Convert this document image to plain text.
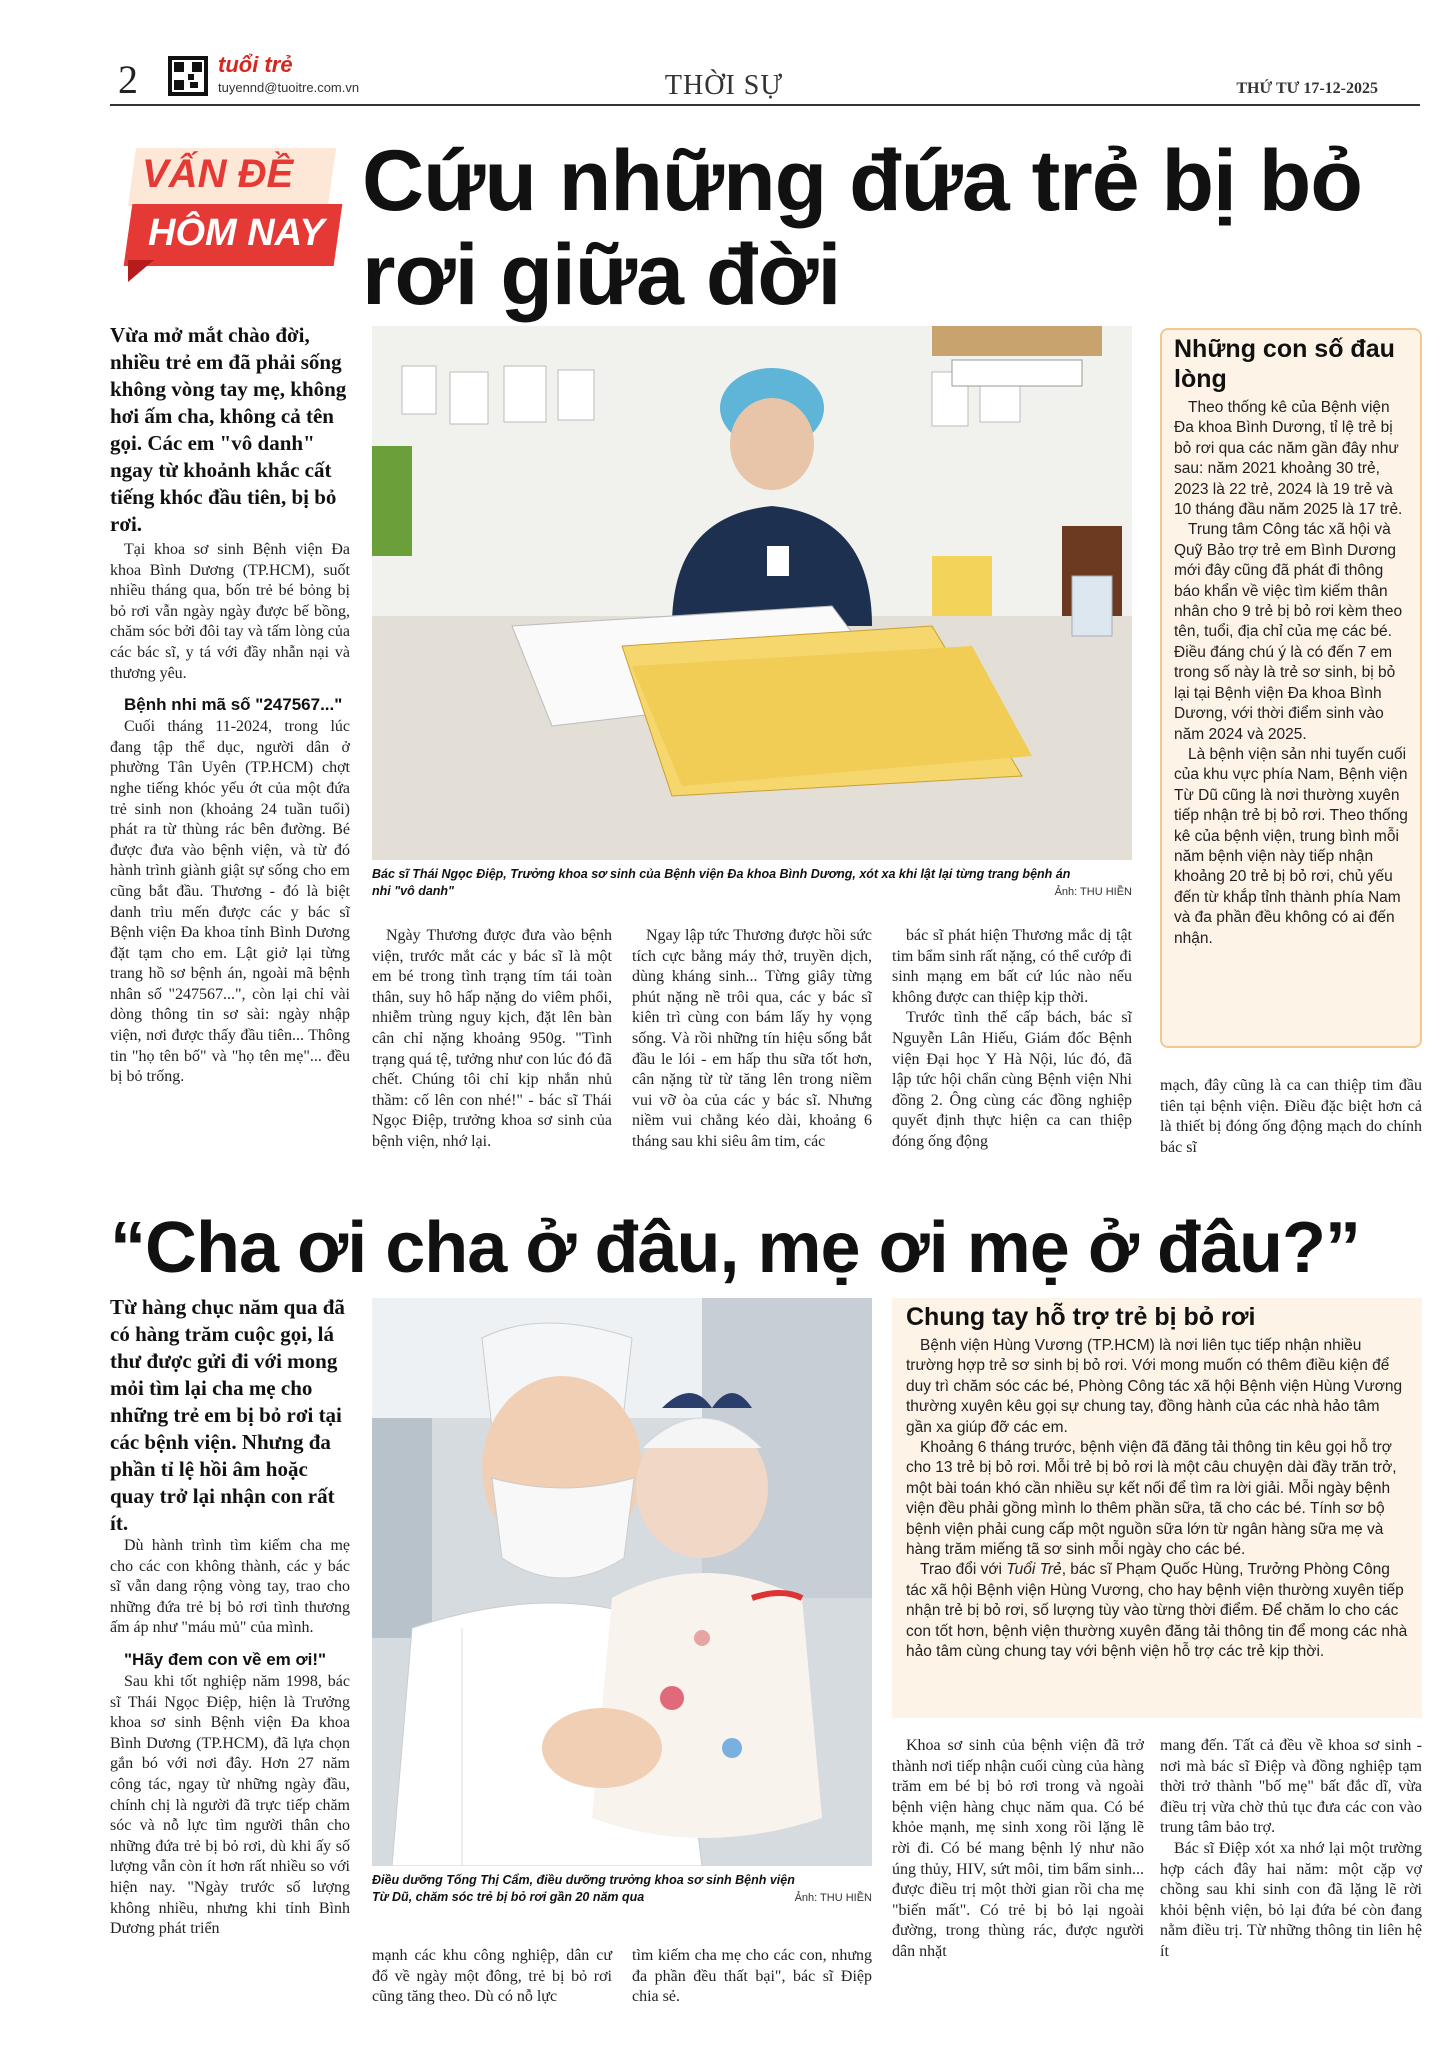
2	tuổi trẻ
tuyennd@tuoitre.com.vn	THỜI SỰ	THỨ TƯ 17-12-2025
VẤN ĐỀ
HÔM NAY
Cứu những đứa trẻ bị bỏ rơi giữa đời
Vừa mở mắt chào đời, nhiều trẻ em đã phải sống không vòng tay mẹ, không hơi ấm cha, không cả tên gọi. Các em "vô danh" ngay từ khoảnh khắc cất tiếng khóc đầu tiên, bị bỏ rơi.

Tại khoa sơ sinh Bệnh viện Đa khoa Bình Dương (TP.HCM), suốt nhiều tháng qua, bốn trẻ bé bỏng bị bỏ rơi vẫn ngày ngày được bế bồng, chăm sóc bởi đôi tay và tấm lòng của các bác sĩ, y tá với đầy nhẫn nại và thương yêu.

Bệnh nhi mã số "247567..."

Cuối tháng 11-2024, trong lúc đang tập thể dục, người dân ở phường Tân Uyên (TP.HCM) chợt nghe tiếng khóc yếu ớt của một đứa trẻ sinh non (khoảng 24 tuần tuổi) phát ra từ thùng rác bên đường. Bé được đưa vào bệnh viện, và từ đó hành trình giành giật sự sống cho em cũng bắt đầu. Thương - đó là biệt danh trìu mến được các y bác sĩ Bệnh viện Đa khoa tỉnh Bình Dương đặt tạm cho em. Lật giở lại từng trang hồ sơ bệnh án, ngoài mã bệnh nhân số "247567...", còn lại chỉ vài dòng thông tin sơ sài: ngày nhập viện, nơi được thấy đầu tiên... Thông tin "họ tên bố" và "họ tên mẹ"... đều bị bỏ trống.

Bác sĩ Thái Ngọc Điệp, Trưởng khoa sơ sinh của Bệnh viện Đa khoa Bình Dương, xót xa khi lật lại từng trang bệnh án nhi "vô danh"	Ảnh: THU HIỀN

Ngày Thương được đưa vào bệnh viện, trước mắt các y bác sĩ là một em bé trong tình trạng tím tái toàn thân, suy hô hấp nặng do viêm phổi, nhiễm trùng nguy kịch, đặt lên bàn cân chỉ nặng khoảng 950g. "Tình trạng quá tệ, tưởng như con lúc đó đã chết. Chúng tôi chỉ kịp nhắn nhủ thầm: cố lên con nhé!" - bác sĩ Thái Ngọc Điệp, trưởng khoa sơ sinh của bệnh viện, nhớ lại.

Ngay lập tức Thương được hồi sức tích cực bằng máy thở, truyền dịch, dùng kháng sinh... Từng giây từng phút nặng nề trôi qua, các y bác sĩ kiên trì cùng con bám lấy hy vọng sống. Và rồi những tín hiệu sống bắt đầu le lói - em hấp thu sữa tốt hơn, cân nặng từ từ tăng lên trong niềm vui vỡ òa của các y bác sĩ. Nhưng niềm vui chẳng kéo dài, khoảng 6 tháng sau khi siêu âm tim, các

bác sĩ phát hiện Thương mắc dị tật tim bẩm sinh rất nặng, có thể cướp đi sinh mạng em bất cứ lúc nào nếu không được can thiệp kịp thời.

Trước tình thế cấp bách, bác sĩ Nguyễn Lân Hiếu, Giám đốc Bệnh viện Đại học Y Hà Nội, lúc đó, đã lập tức hội chẩn cùng Bệnh viện Nhi đồng 2. Ông cùng các đồng nghiệp quyết định thực hiện ca can thiệp đóng ống động

Những con số đau lòng

Theo thống kê của Bệnh viện Đa khoa Bình Dương, tỉ lệ trẻ bị bỏ rơi qua các năm gần đây như sau: năm 2021 khoảng 30 trẻ, 2023 là 22 trẻ, 2024 là 19 trẻ và 10 tháng đầu năm 2025 là 17 trẻ.

Trung tâm Công tác xã hội và Quỹ Bảo trợ trẻ em Bình Dương mới đây cũng đã phát đi thông báo khẩn về việc tìm kiếm thân nhân cho 9 trẻ bị bỏ rơi kèm theo tên, tuổi, địa chỉ của mẹ các bé. Điều đáng chú ý là có đến 7 em trong số này là trẻ sơ sinh, bị bỏ lại tại Bệnh viện Đa khoa Bình Dương, với thời điểm sinh vào năm 2024 và 2025.

Là bệnh viện sản nhi tuyến cuối của khu vực phía Nam, Bệnh viện Từ Dũ cũng là nơi thường xuyên tiếp nhận trẻ bị bỏ rơi. Theo thống kê của bệnh viện, trung bình mỗi năm bệnh viện này tiếp nhận khoảng 20 trẻ bị bỏ rơi, chủ yếu đến từ khắp tỉnh thành phía Nam và đa phần đều không có ai đến nhận.

mạch, đây cũng là ca can thiệp tim đầu tiên tại bệnh viện. Điều đặc biệt hơn cả là thiết bị đóng ống động mạch do chính bác sĩ

“Cha ơi cha ở đâu, mẹ ơi mẹ ở đâu?”
Từ hàng chục năm qua đã có hàng trăm cuộc gọi, lá thư được gửi đi với mong mỏi tìm lại cha mẹ cho những trẻ em bị bỏ rơi tại các bệnh viện. Nhưng đa phần tỉ lệ hồi âm hoặc quay trở lại nhận con rất ít.

Dù hành trình tìm kiếm cha mẹ cho các con không thành, các y bác sĩ vẫn dang rộng vòng tay, trao cho những đứa trẻ bị bỏ rơi tình thương ấm áp như "máu mủ" của mình.

"Hãy đem con về em ơi!"

Sau khi tốt nghiệp năm 1998, bác sĩ Thái Ngọc Điệp, hiện là Trưởng khoa sơ sinh Bệnh viện Đa khoa Bình Dương (TP.HCM), đã lựa chọn gắn bó với nơi đây. Hơn 27 năm công tác, ngay từ những ngày đầu, chính chị là người đã trực tiếp chăm sóc và nỗ lực tìm người thân cho những đứa trẻ bị bỏ rơi, dù khi ấy số lượng vẫn còn ít hơn rất nhiều so với hiện nay. "Ngày trước số lượng không nhiều, nhưng khi tỉnh Bình Dương phát triển

Điều dưỡng Tống Thị Cẩm, điều dưỡng trưởng khoa sơ sinh Bệnh viện Từ Dũ, chăm sóc trẻ bị bỏ rơi gần 20 năm qua	Ảnh: THU HIỀN

mạnh các khu công nghiệp, dân cư đổ về ngày một đông, trẻ bị bỏ rơi cũng tăng theo. Dù có nỗ lực

tìm kiếm cha mẹ cho các con, nhưng đa phần đều thất bại", bác sĩ Điệp chia sẻ.

Chung tay hỗ trợ trẻ bị bỏ rơi

Bệnh viện Hùng Vương (TP.HCM) là nơi liên tục tiếp nhận nhiều trường hợp trẻ sơ sinh bị bỏ rơi. Với mong muốn có thêm điều kiện để duy trì chăm sóc các bé, Phòng Công tác xã hội Bệnh viện Hùng Vương thường xuyên kêu gọi sự chung tay, đồng hành của các nhà hảo tâm gần xa giúp đỡ các em.

Khoảng 6 tháng trước, bệnh viện đã đăng tải thông tin kêu gọi hỗ trợ cho 13 trẻ bị bỏ rơi. Mỗi trẻ bị bỏ rơi là một câu chuyện dài đầy trăn trở, một bài toán khó cần nhiều sự kết nối để tìm ra lời giải. Mỗi ngày bệnh viện đều phải gồng mình lo thêm phần sữa, tã cho các bé. Tính sơ bộ bệnh viện phải cung cấp một nguồn sữa lớn từ ngân hàng sữa mẹ và hàng trăm miếng tã sơ sinh mỗi ngày cho các bé.

Trao đổi với Tuổi Trẻ, bác sĩ Phạm Quốc Hùng, Trưởng Phòng Công tác xã hội Bệnh viện Hùng Vương, cho hay bệnh viện thường xuyên tiếp nhận trẻ bị bỏ rơi, số lượng tùy vào từng thời điểm. Để chăm lo cho các con tốt hơn, bệnh viện thường xuyên đăng tải thông tin để mong các nhà hảo tâm cùng chung tay với bệnh viện hỗ trợ các trẻ kịp thời.

Khoa sơ sinh của bệnh viện đã trở thành nơi tiếp nhận cuối cùng của hàng trăm em bé bị bỏ rơi trong và ngoài bệnh viện hàng chục năm qua. Có bé khỏe mạnh, mẹ sinh xong rồi lặng lẽ rời đi. Có bé mang bệnh lý như não úng thủy, HIV, sứt môi, tim bẩm sinh... được điều trị một thời gian rồi cha mẹ "biến mất". Có trẻ bị bỏ lại ngoài đường, trong thùng rác, được người dân nhặt

mang đến. Tất cả đều về khoa sơ sinh - nơi mà bác sĩ Điệp và đồng nghiệp tạm thời trở thành "bố mẹ" bất đắc dĩ, vừa điều trị vừa chờ thủ tục đưa các con vào trung tâm bảo trợ.

Bác sĩ Điệp xót xa nhớ lại một trường hợp cách đây hai năm: một cặp vợ chồng sau khi sinh con đã lặng lẽ rời khỏi bệnh viện, bỏ lại đứa bé còn đang nằm điều trị. Từ những thông tin liên hệ ít
